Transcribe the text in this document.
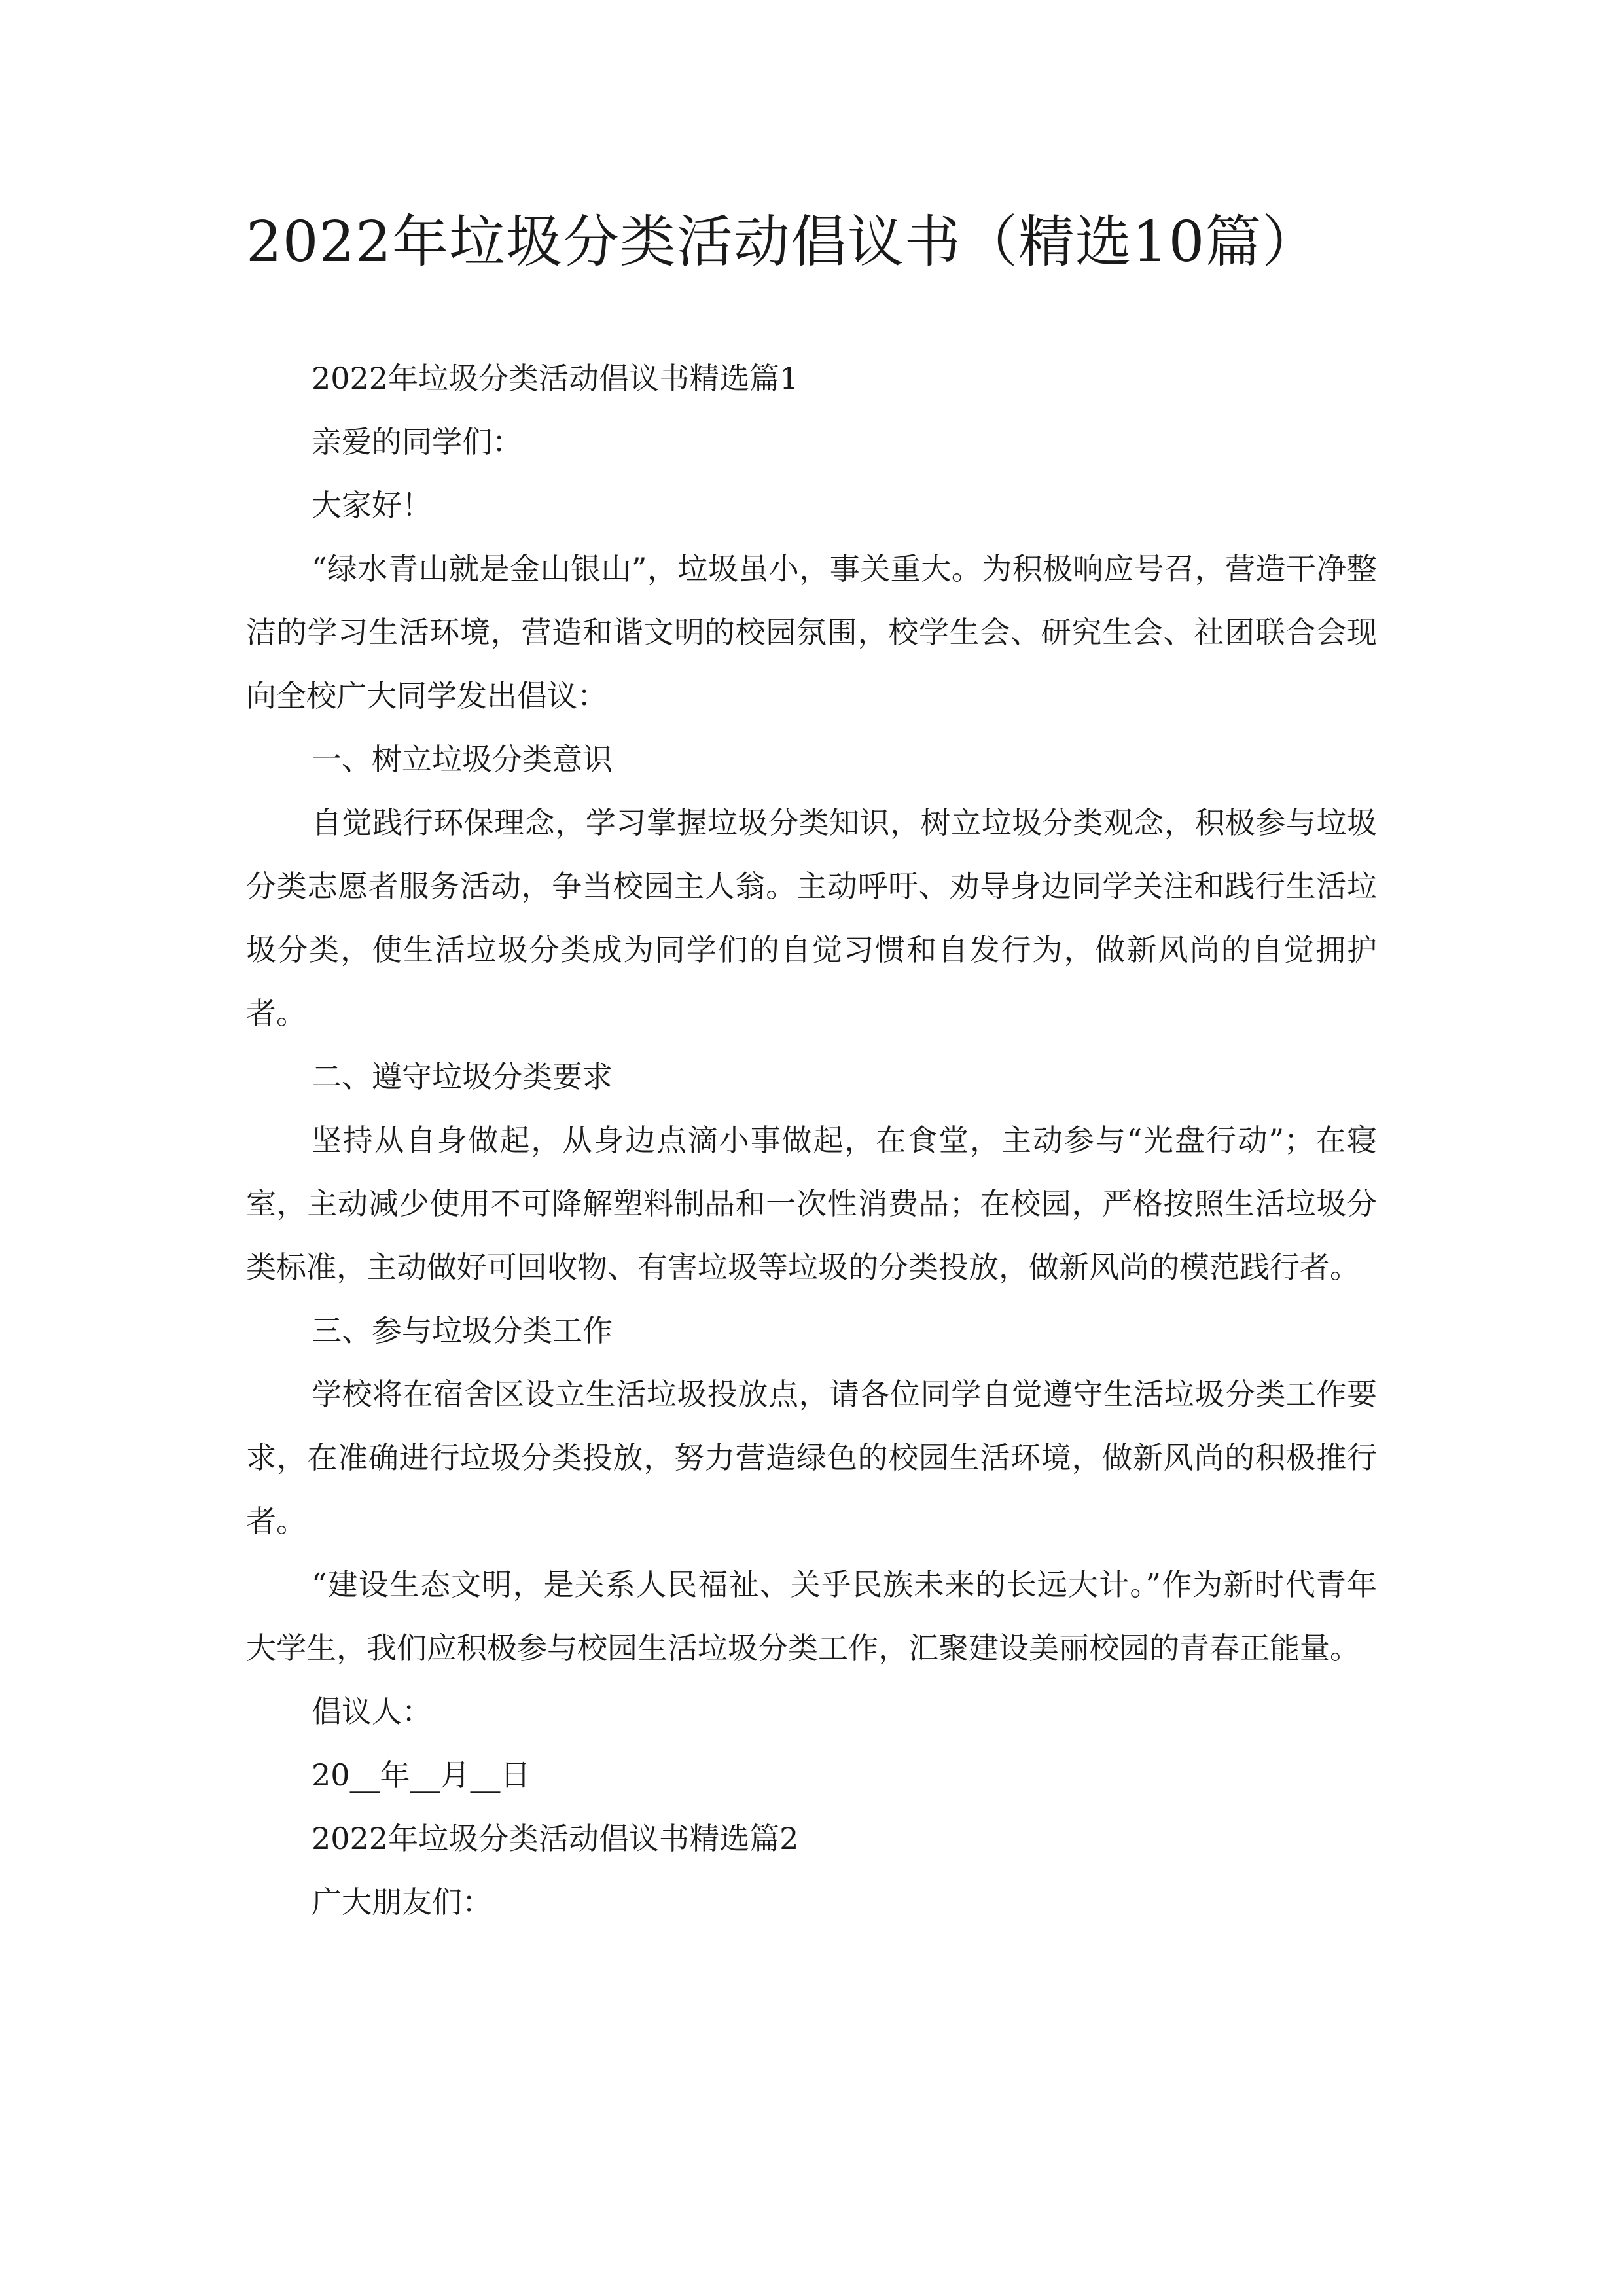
2022年垃圾分类活动倡议书（精选10篇）

2022年垃圾分类活动倡议书精选篇1

亲爱的同学们：

大家好！

“绿水青山就是金山银山”，垃圾虽小，事关重大。为积极响应号召，营造干净整洁的学习生活环境，营造和谐文明的校园氛围，校学生会、研究生会、社团联合会现向全校广大同学发出倡议：

一、树立垃圾分类意识

自觉践行环保理念，学习掌握垃圾分类知识，树立垃圾分类观念，积极参与垃圾分类志愿者服务活动，争当校园主人翁。主动呼吁、劝导身边同学关注和践行生活垃圾分类，使生活垃圾分类成为同学们的自觉习惯和自发行为，做新风尚的自觉拥护者。

二、遵守垃圾分类要求

坚持从自身做起，从身边点滴小事做起，在食堂，主动参与“光盘行动”；在寝室，主动减少使用不可降解塑料制品和一次性消费品；在校园，严格按照生活垃圾分类标准，主动做好可回收物、有害垃圾等垃圾的分类投放，做新风尚的模范践行者。

三、参与垃圾分类工作

学校将在宿舍区设立生活垃圾投放点，请各位同学自觉遵守生活垃圾分类工作要求，在准确进行垃圾分类投放，努力营造绿色的校园生活环境，做新风尚的积极推行者。

“建设生态文明，是关系人民福祉、关乎民族未来的长远大计。”作为新时代青年大学生，我们应积极参与校园生活垃圾分类工作，汇聚建设美丽校园的青春正能量。

倡议人：

20__年__月__日

2022年垃圾分类活动倡议书精选篇2

广大朋友们：
